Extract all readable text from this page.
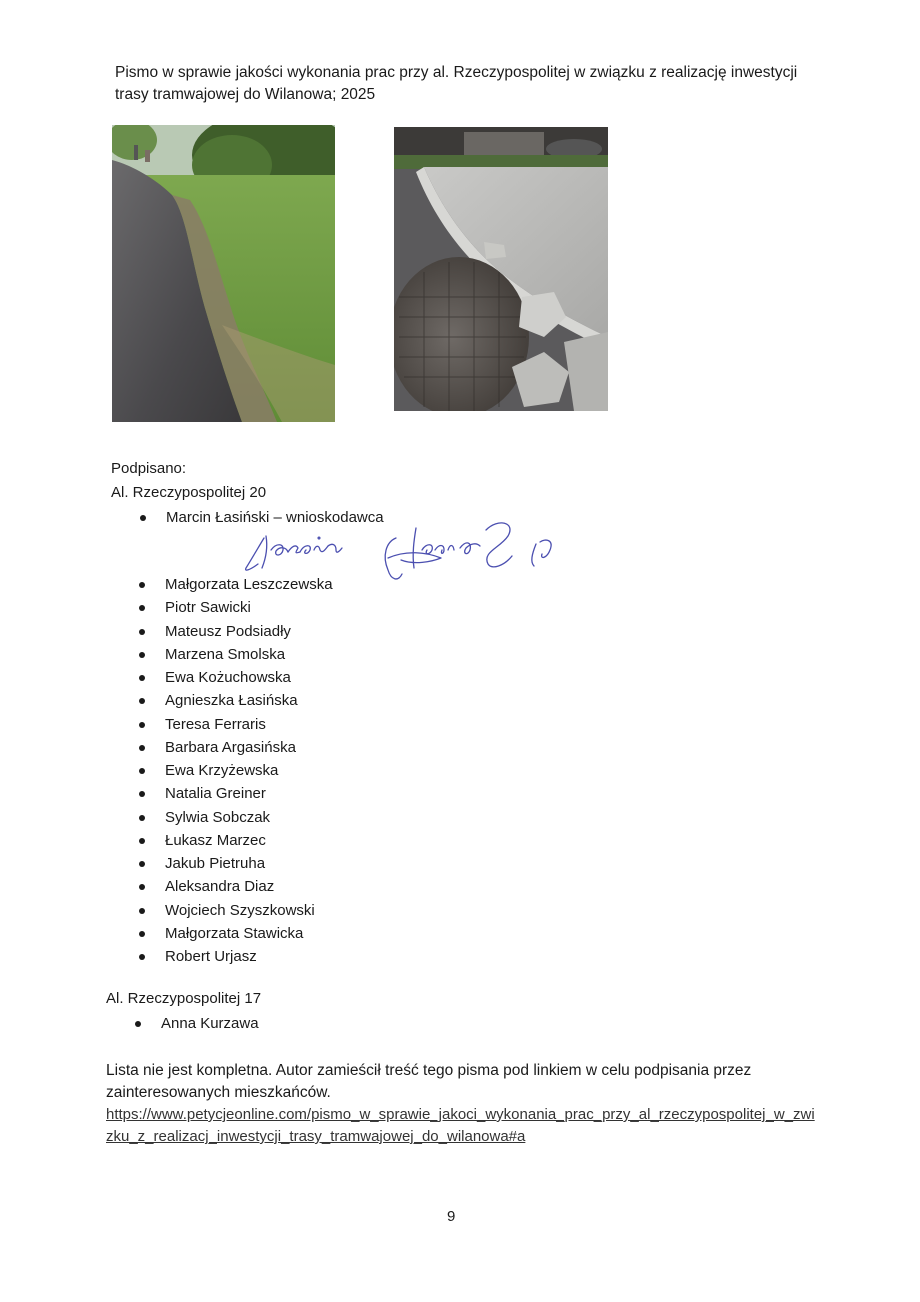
Pismo w sprawie jakości wykonania prac przy al. Rzeczypospolitej w związku z realizację inwestycji trasy tramwajowej do Wilanowa; 2025
Podpisano:
Al. Rzeczypospolitej 20
Marcin Łasiński – wnioskodawca
Małgorzata Leszczewska
Piotr Sawicki
Mateusz Podsiadły
Marzena Smolska
Ewa Kożuchowska
Agnieszka Łasińska
Teresa Ferraris
Barbara Argasińska
Ewa Krzyżewska
Natalia Greiner
Sylwia Sobczak
Łukasz Marzec
Jakub Pietruha
Aleksandra Diaz
Wojciech Szyszkowski
Małgorzata Stawicka
Robert Urjasz
Al. Rzeczypospolitej 17
Anna Kurzawa
Lista nie jest kompletna. Autor zamieścił treść tego pisma pod linkiem w celu podpisania przez zainteresowanych mieszkańców.
https://www.petycjeonline.com/pismo_w_sprawie_jakoci_wykonania_prac_przy_al_rzeczypospolitej_w_zwizku_z_realizacj_inwestycji_trasy_tramwajowej_do_wilanowa#a
9
